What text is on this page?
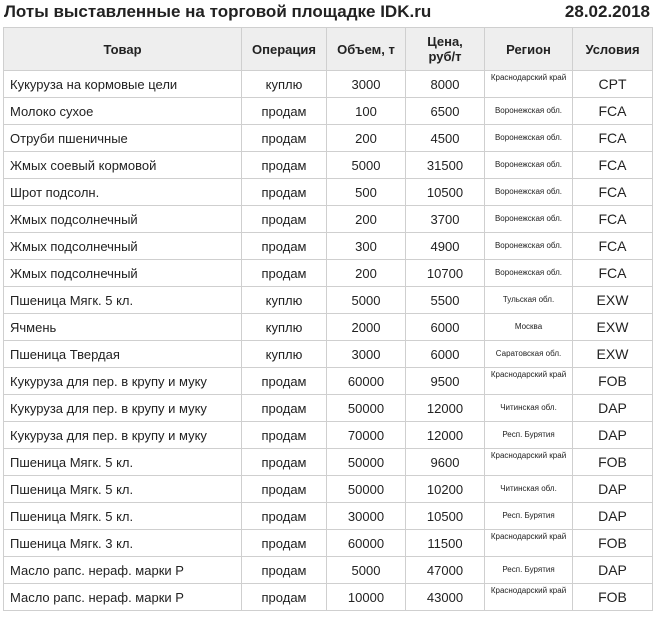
Лоты выставленные на торговой площадке IDK.ru	28.02.2018
Товар	Операция	Объем, т	Цена, руб/т	Регион	Условия
Кукуруза на кормовые цели	куплю	3000	8000	Краснодарский край	CPT
Молоко сухое	продам	100	6500	Воронежская обл.	FCA
Отруби пшеничные	продам	200	4500	Воронежская обл.	FCA
Жмых соевый кормовой	продам	5000	31500	Воронежская обл.	FCA
Шрот подсолн.	продам	500	10500	Воронежская обл.	FCA
Жмых подсолнечный	продам	200	3700	Воронежская обл.	FCA
Жмых подсолнечный	продам	300	4900	Воронежская обл.	FCA
Жмых подсолнечный	продам	200	10700	Воронежская обл.	FCA
Пшеница Мягк. 5 кл.	куплю	5000	5500	Тульская обл.	EXW
Ячмень	куплю	2000	6000	Москва	EXW
Пшеница Твердая	куплю	3000	6000	Саратовская обл.	EXW
Кукуруза для пер. в крупу и муку	продам	60000	9500	Краснодарский край	FOB
Кукуруза для пер. в крупу и муку	продам	50000	12000	Читинская обл.	DAP
Кукуруза для пер. в крупу и муку	продам	70000	12000	Респ. Бурятия	DAP
Пшеница Мягк. 5 кл.	продам	50000	9600	Краснодарский край	FOB
Пшеница Мягк. 5 кл.	продам	50000	10200	Читинская обл.	DAP
Пшеница Мягк. 5 кл.	продам	30000	10500	Респ. Бурятия	DAP
Пшеница Мягк. 3 кл.	продам	60000	11500	Краснодарский край	FOB
Масло рапс. нераф. марки Р	продам	5000	47000	Респ. Бурятия	DAP
Масло рапс. нераф. марки Р	продам	10000	43000	Краснодарский край	FOB
